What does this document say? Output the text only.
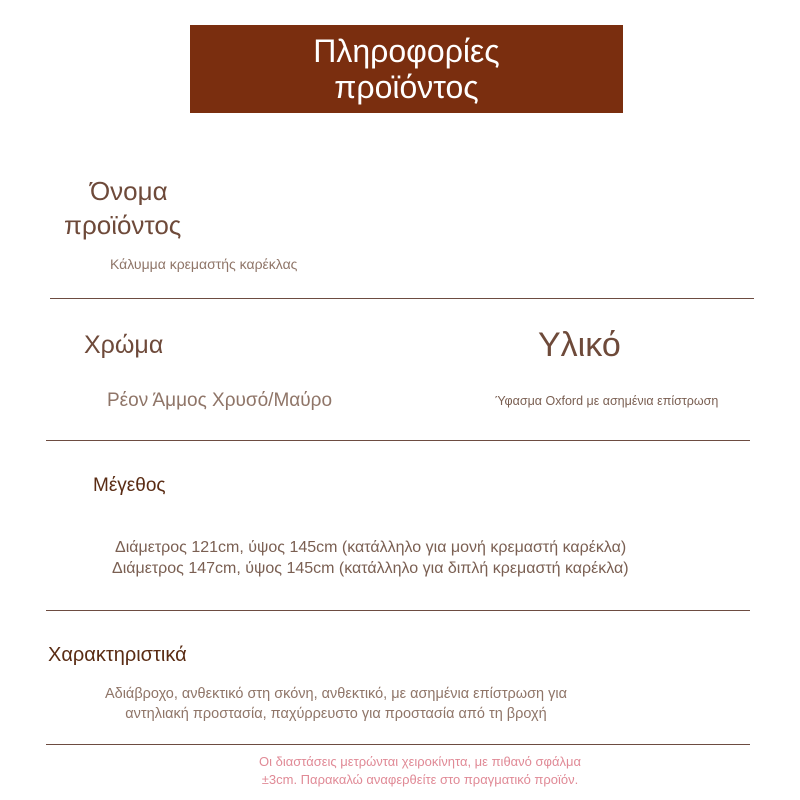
Πληροφορίες
προϊόντος
Όνομα
προϊόντος
Κάλυμμα κρεμαστής καρέκλας
Χρώμα
Ρέον Άμμος Χρυσό/Μαύρο
Υλικό
Ύφασμα Oxford με ασημένια επίστρωση
Μέγεθος
Διάμετρος 121cm, ύψος 145cm (κατάλληλο για μονή κρεμαστή καρέκλα)
Διάμετρος 147cm, ύψος 145cm (κατάλληλο για διπλή κρεμαστή καρέκλα)
Χαρακτηριστικά
Αδιάβροχο, ανθεκτικό στη σκόνη, ανθεκτικό, με ασημένια επίστρωση για
αντηλιακή προστασία, παχύρρευστο για προστασία από τη βροχή
Οι διαστάσεις μετρώνται χειροκίνητα, με πιθανό σφάλμα
±3cm. Παρακαλώ αναφερθείτε στο πραγματικό προϊόν.
